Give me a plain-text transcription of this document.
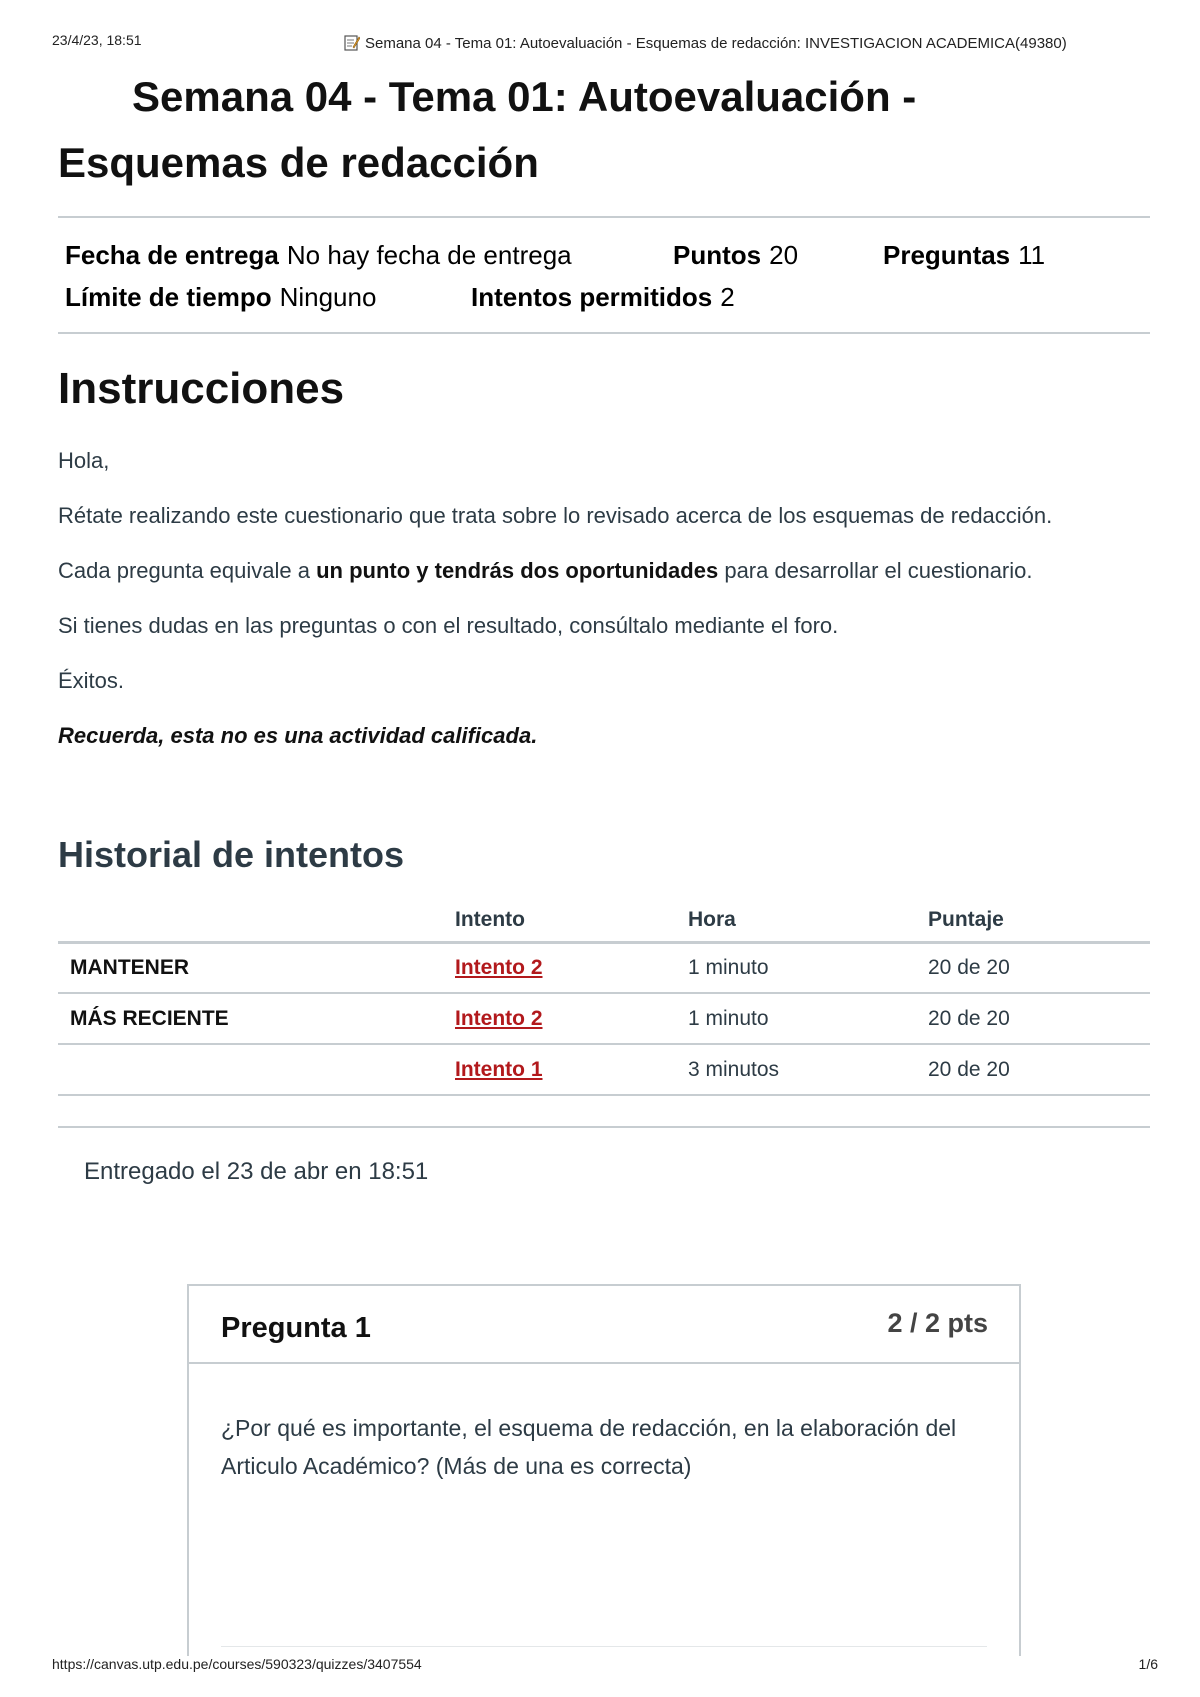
23/4/23, 18:51	Semana 04 - Tema 01: Autoevaluación - Esquemas de redacción: INVESTIGACION ACADEMICA(49380)
Semana 04 - Tema 01: Autoevaluación -
Esquemas de redacción
Fecha de entrega No hay fecha de entrega	Puntos 20	Preguntas 11
Límite de tiempo Ninguno	Intentos permitidos 2
Instrucciones

Hola,

Rétate realizando este cuestionario que trata sobre lo revisado acerca de los esquemas de redacción.

Cada pregunta equivale a un punto y tendrás dos oportunidades para desarrollar el cuestionario.

Si tienes dudas en las preguntas o con el resultado, consúltalo mediante el foro.

Éxitos.

Recuerda, esta no es una actividad calificada.

Historial de intentos
	Intento	Hora	Puntaje
MANTENER	Intento 2	1 minuto	20 de 20
MÁS RECIENTE	Intento 2	1 minuto	20 de 20
	Intento 1	3 minutos	20 de 20
Entregado el 23 de abr en 18:51
Pregunta 1	2 / 2 pts
¿Por qué es importante, el esquema de redacción, en la elaboración del Articulo Académico? (Más de una es correcta)
https://canvas.utp.edu.pe/courses/590323/quizzes/3407554	1/6
